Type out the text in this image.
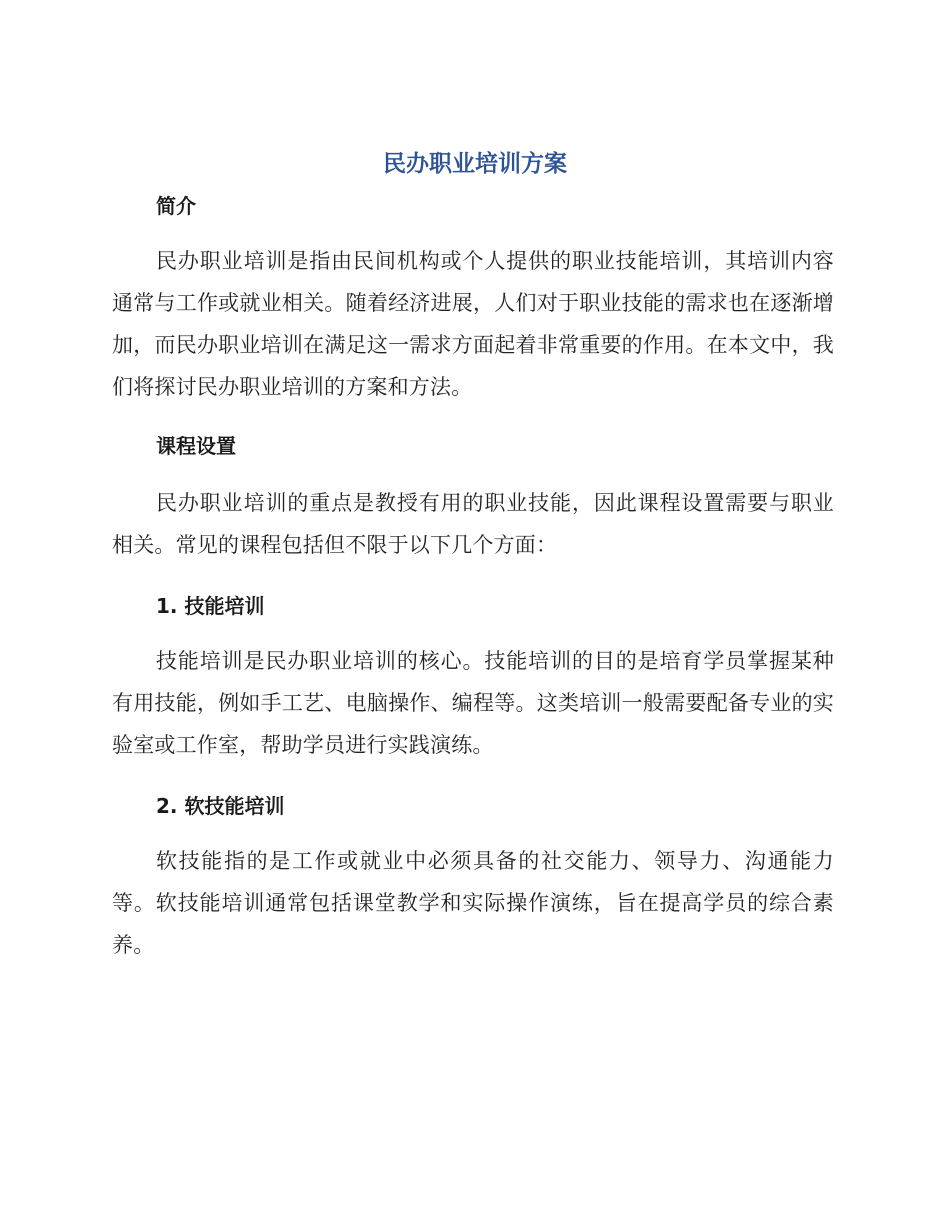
民办职业培训方案
简介

民办职业培训是指由民间机构或个人提供的职业技能培训，其培训内容通常与工作或就业相关。随着经济进展，人们对于职业技能的需求也在逐渐增加，而民办职业培训在满足这一需求方面起着非常重要的作用。在本文中，我们将探讨民办职业培训的方案和方法。

课程设置

民办职业培训的重点是教授有用的职业技能，因此课程设置需要与职业相关。常见的课程包括但不限于以下几个方面：

1. 技能培训

技能培训是民办职业培训的核心。技能培训的目的是培育学员掌握某种有用技能，例如手工艺、电脑操作、编程等。这类培训一般需要配备专业的实验室或工作室，帮助学员进行实践演练。

2. 软技能培训

软技能指的是工作或就业中必须具备的社交能力、领导力、沟通能力等。软技能培训通常包括课堂教学和实际操作演练，旨在提高学员的综合素养。
